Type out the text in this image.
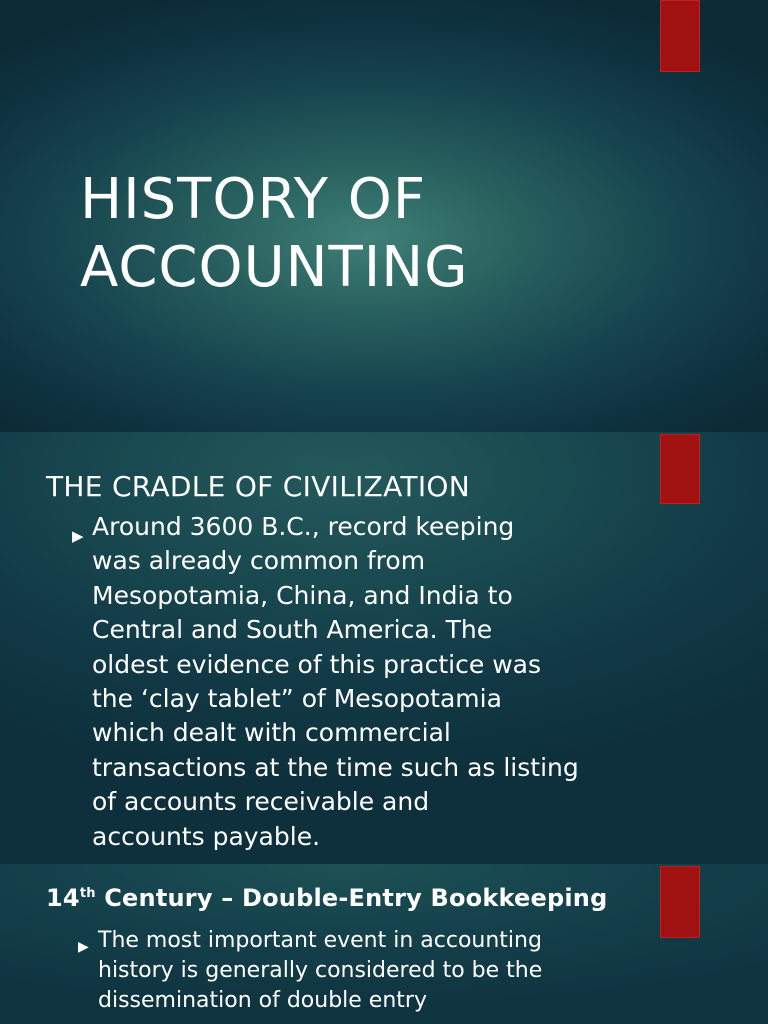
HISTORY OF
ACCOUNTING
THE CRADLE OF CIVILIZATION
▶ Around 3600 B.C., record keeping
was already common from
Mesopotamia, China, and India to
Central and South America. The
oldest evidence of this practice was
the ‘clay tablet” of Mesopotamia
which dealt with commercial
transactions at the time such as listing
of accounts receivable and
accounts payable.
14th Century – Double-Entry Bookkeeping
▶ The most important event in accounting
history is generally considered to be the
dissemination of double entry
